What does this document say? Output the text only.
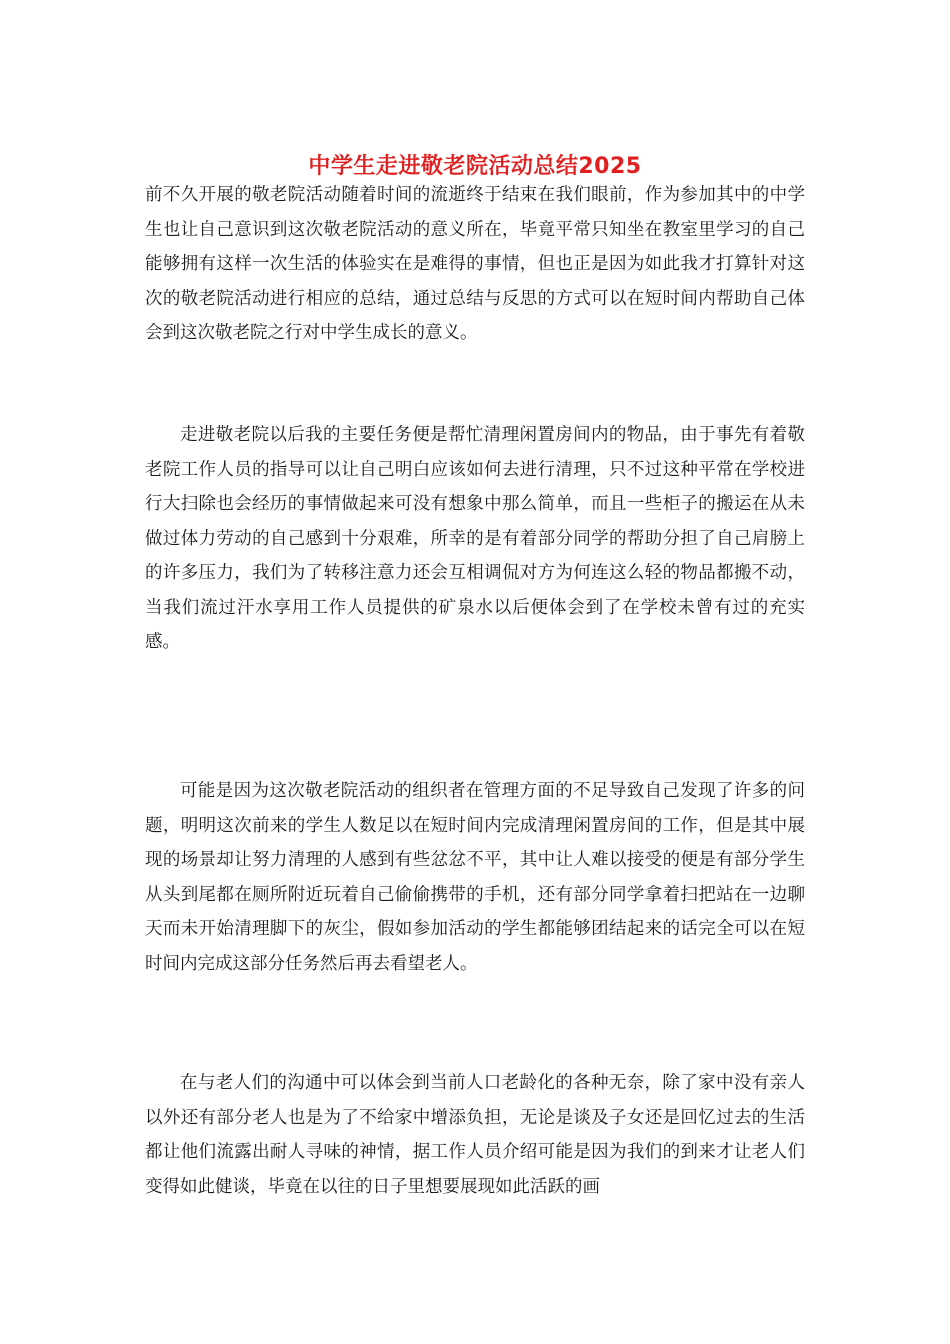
中学生走进敬老院活动总结2025

前不久开展的敬老院活动随着时间的流逝终于结束在我们眼前，作为参加其中的中学生也让自己意识到这次敬老院活动的意义所在，毕竟平常只知坐在教室里学习的自己能够拥有这样一次生活的体验实在是难得的事情，但也正是因为如此我才打算针对这次的敬老院活动进行相应的总结，通过总结与反思的方式可以在短时间内帮助自己体会到这次敬老院之行对中学生成长的意义。

走进敬老院以后我的主要任务便是帮忙清理闲置房间内的物品，由于事先有着敬老院工作人员的指导可以让自己明白应该如何去进行清理，只不过这种平常在学校进行大扫除也会经历的事情做起来可没有想象中那么简单，而且一些柜子的搬运在从未做过体力劳动的自己感到十分艰难，所幸的是有着部分同学的帮助分担了自己肩膀上的许多压力，我们为了转移注意力还会互相调侃对方为何连这么轻的物品都搬不动，当我们流过汗水享用工作人员提供的矿泉水以后便体会到了在学校未曾有过的充实感。

可能是因为这次敬老院活动的组织者在管理方面的不足导致自己发现了许多的问题，明明这次前来的学生人数足以在短时间内完成清理闲置房间的工作，但是其中展现的场景却让努力清理的人感到有些忿忿不平，其中让人难以接受的便是有部分学生从头到尾都在厕所附近玩着自己偷偷携带的手机，还有部分同学拿着扫把站在一边聊天而未开始清理脚下的灰尘，假如参加活动的学生都能够团结起来的话完全可以在短时间内完成这部分任务然后再去看望老人。

在与老人们的沟通中可以体会到当前人口老龄化的各种无奈，除了家中没有亲人以外还有部分老人也是为了不给家中增添负担，无论是谈及子女还是回忆过去的生活都让他们流露出耐人寻味的神情，据工作人员介绍可能是因为我们的到来才让老人们变得如此健谈，毕竟在以往的日子里想要展现如此活跃的画
